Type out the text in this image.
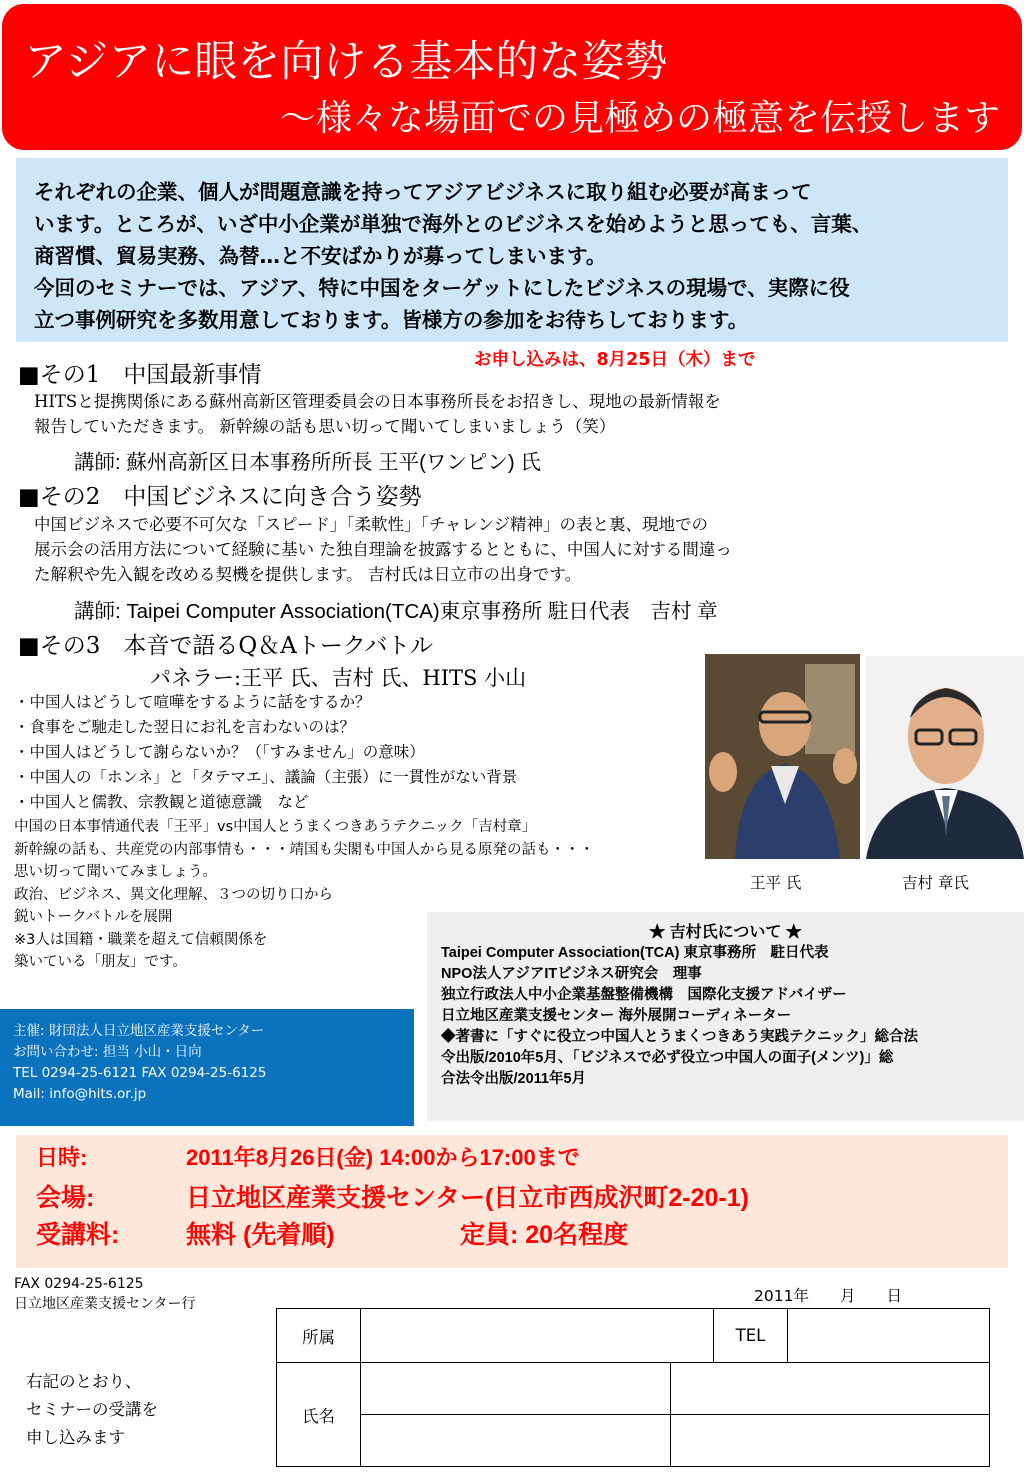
アジアに眼を向ける基本的な姿勢
～様々な場面での見極めの極意を伝授します
それぞれの企業、個人が問題意識を持ってアジアビジネスに取り組む必要が高まって
います。ところが、いざ中小企業が単独で海外とのビジネスを始めようと思っても、言葉、
商習慣、貿易実務、為替…と不安ばかりが募ってしまいます。
今回のセミナーでは、アジア、特に中国をターゲットにしたビジネスの現場で、実際に役
立つ事例研究を多数用意しております。皆様方の参加をお待ちしております。
■その1　中国最新事情
お申し込みは、8月25日（木）まで
HITSと提携関係にある蘇州高新区管理委員会の日本事務所長をお招きし、現地の最新情報を
報告していただきます。 新幹線の話も思い切って聞いてしまいましょう（笑）
講師: 蘇州高新区日本事務所所長 王平(ワンピン) 氏
■その2　中国ビジネスに向き合う姿勢
中国ビジネスで必要不可欠な「スピード」「柔軟性」「チャレンジ精神」の表と裏、現地での
展示会の活用方法について経験に基い た独自理論を披露するとともに、中国人に対する間違っ
た解釈や先入観を改める契機を提供します。 吉村氏は日立市の出身です。
講師: Taipei Computer Association(TCA)東京事務所 駐日代表　吉村 章
■その3　本音で語るQ＆Aトークバトル
パネラー:王平 氏、吉村 氏、HITS 小山
・中国人はどうして喧嘩をするように話をするか？
・食事をご馳走した翌日にお礼を言わないのは？
・中国人はどうして謝らないか？（「すみません」の意味）
・中国人の「ホンネ」と「タテマエ」、議論（主張）に一貫性がない背景
・中国人と儒教、宗教観と道徳意識　など
中国の日本事情通代表「王平」vs中国人とうまくつきあうテクニック「吉村章」
新幹線の話も、共産党の内部事情も・・・靖国も尖閣も中国人から見る原発の話も・・・
思い切って聞いてみましょう。
政治、ビジネス、異文化理解、３つの切り口から
鋭いトークバトルを展開
※3人は国籍・職業を超えて信頼関係を
築いている「朋友」です。
王平 氏	吉村 章氏
★ 吉村氏について ★
Taipei Computer Association(TCA) 東京事務所　駐日代表
NPO法人アジアITビジネス研究会　理事
独立行政法人中小企業基盤整備機構　国際化支援アドバイザー
日立地区産業支援センター 海外展開コーディネーター
◆著書に「すぐに役立つ中国人とうまくつきあう実践テクニック」総合法
令出版/2010年5月、「ビジネスで必ず役立つ中国人の面子(メンツ)」総
合法令出版/2011年5月
主催: 財団法人日立地区産業支援センター
お問い合わせ: 担当 小山・日向
TEL 0294-25-6121 FAX 0294-25-6125
Mail: info@hits.or.jp
日時:	2011年8月26日(金) 14:00から17:00まで
会場:	日立地区産業支援センター(日立市西成沢町2-20-1)
受講料:	無料 (先着順)	定員: 20名程度
FAX 0294-25-6125
日立地区産業支援センター行	2011年　　月　　日
右記のとおり、
セミナーの受講を
申し込みます
所属			TEL	
氏名				
